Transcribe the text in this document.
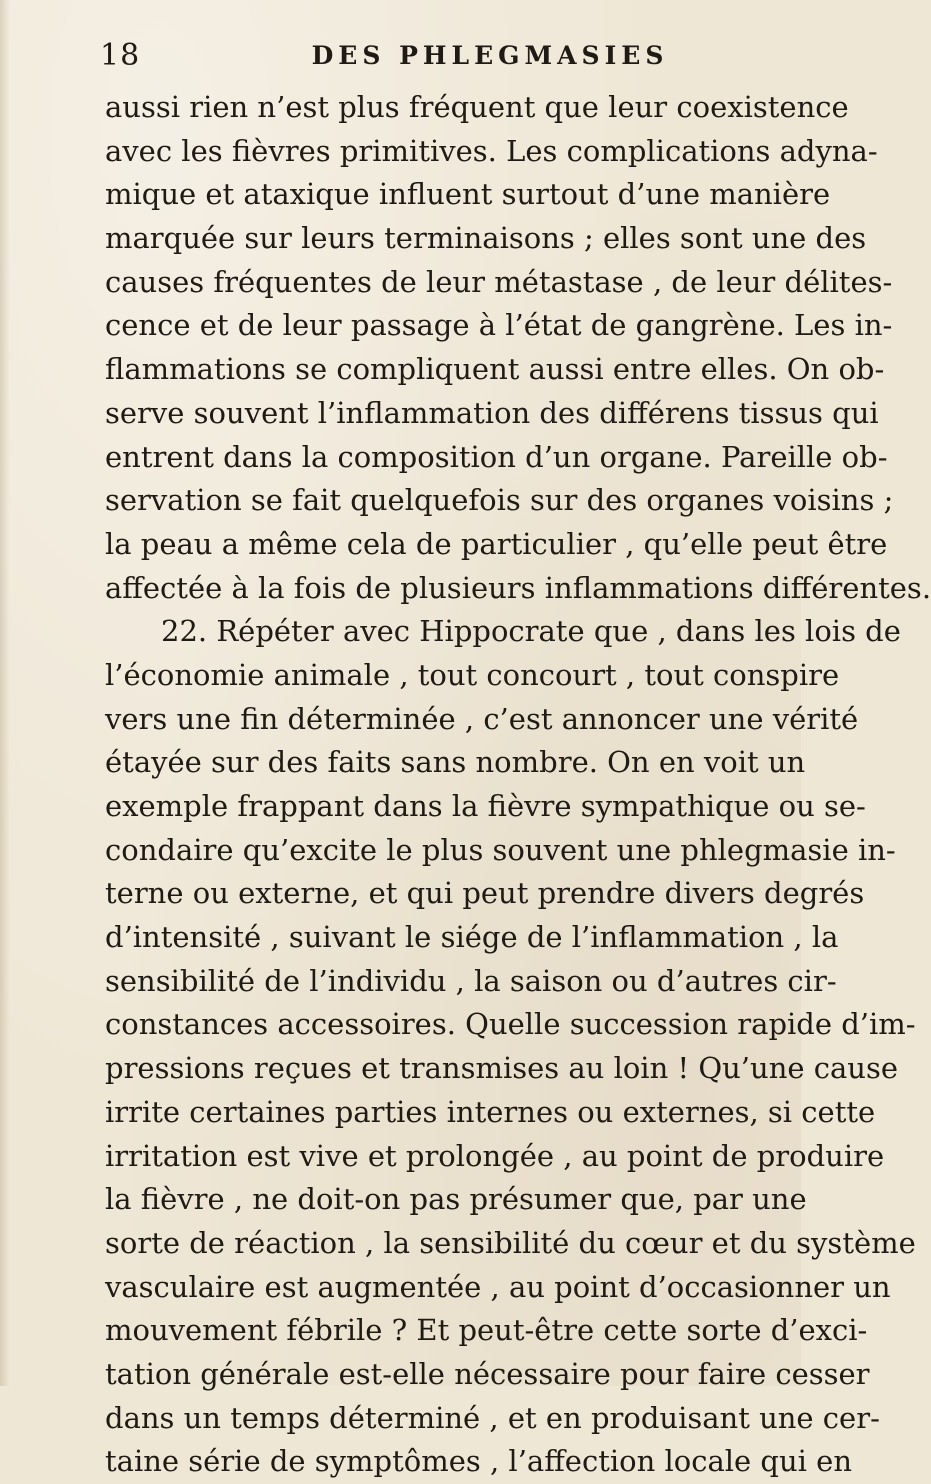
18	DES PHLEGMASIES
aussi rien n’est plus fréquent que leur coexistence
avec les fièvres primitives. Les complications adyna-
mique et ataxique influent surtout d’une manière
marquée sur leurs terminaisons ; elles sont une des
causes fréquentes de leur métastase , de leur délites-
cence et de leur passage à l’état de gangrène. Les in-
flammations se compliquent aussi entre elles. On ob-
serve souvent l’inflammation des différens tissus qui
entrent dans la composition d’un organe. Pareille ob-
servation se fait quelquefois sur des organes voisins ;
la peau a même cela de particulier , qu’elle peut être
affectée à la fois de plusieurs inflammations différentes.
22. Répéter avec Hippocrate que , dans les lois de
l’économie animale , tout concourt , tout conspire
vers une fin déterminée , c’est annoncer une vérité
étayée sur des faits sans nombre. On en voit un
exemple frappant dans la fièvre sympathique ou se-
condaire qu’excite le plus souvent une phlegmasie in-
terne ou externe, et qui peut prendre divers degrés
d’intensité , suivant le siége de l’inflammation , la
sensibilité de l’individu , la saison ou d’autres cir-
constances accessoires. Quelle succession rapide d’im-
pressions reçues et transmises au loin ! Qu’une cause
irrite certaines parties internes ou externes, si cette
irritation est vive et prolongée , au point de produire
la fièvre , ne doit-on pas présumer que, par une
sorte de réaction , la sensibilité du cœur et du système
vasculaire est augmentée , au point d’occasionner un
mouvement fébrile ? Et peut-être cette sorte d’exci-
tation générale est-elle nécessaire pour faire cesser
dans un temps déterminé , et en produisant une cer-
taine série de symptômes , l’affection locale qui en
